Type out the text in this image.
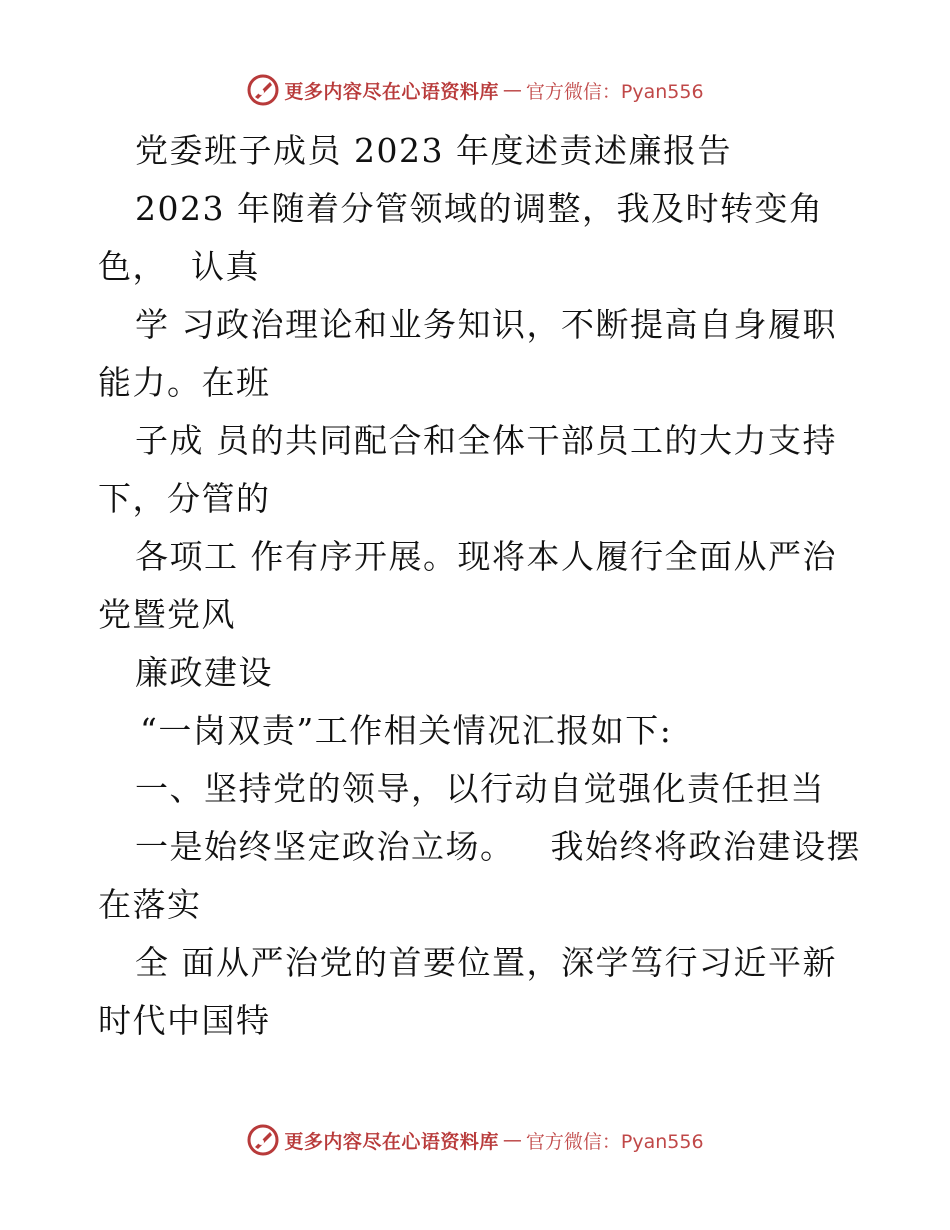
更多内容尽在心语资料库 — 官方微信：Pyan556
党委班子成员 2023 年度述责述廉报告
2023 年随着分管领域的调整，我及时转变角
色，  认真
学 习政治理论和业务知识，不断提高自身履职
能力。在班
子成 员的共同配合和全体干部员工的大力支持
下，分管的
各项工 作有序开展。现将本人履行全面从严治
党暨党风
廉政建设
“一岗双责”工作相关情况汇报如下:
一、坚持党的领导，以行动自觉强化责任担当
一是始终坚定政治立场。   我始终将政治建设摆
在落实
全 面从严治党的首要位置，深学笃行习近平新
时代中国特
更多内容尽在心语资料库 — 官方微信：Pyan556
